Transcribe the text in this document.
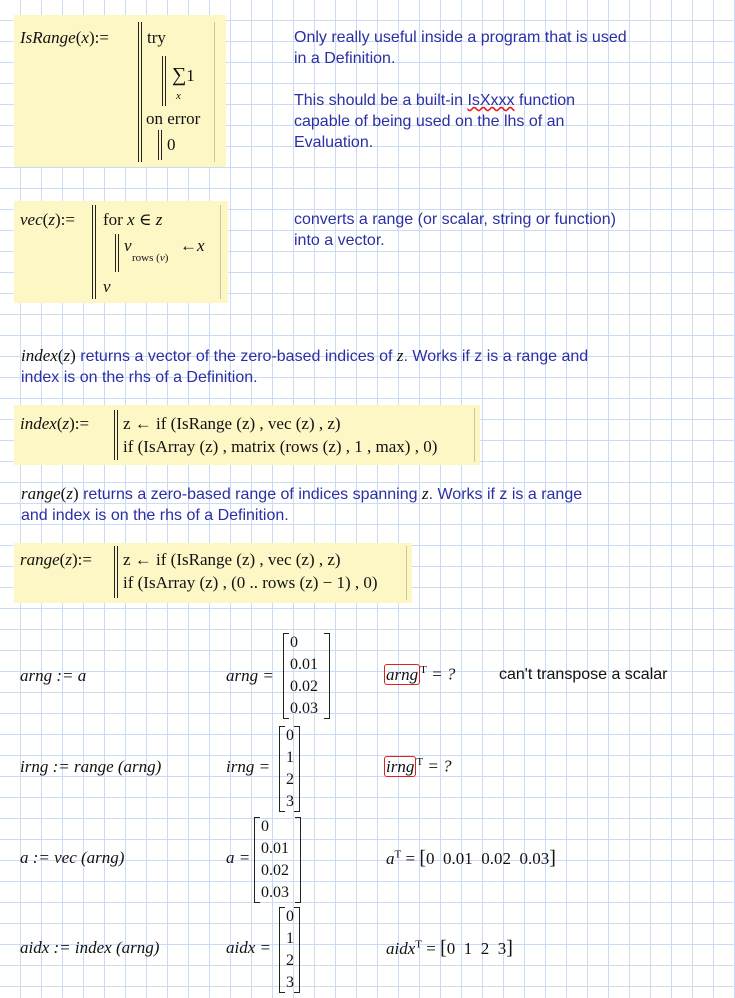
IsRange(x):= try
∑1
x
on error
0
Only really useful inside a program that is used
in a Definition.
This should be a built-in IsXxxx function
capable of being used on the lhs of an
Evaluation.
vec(z):= for x ∈ z
v
rows (v)
←x
v
converts a range (or scalar, string or function)
into a vector.
index(z) returns a vector of the zero-based indices of z. Works if z is a range and
index is on the rhs of a Definition.
index(z):= z ← if (IsRange (z) , vec (z) , z)
if (IsArray (z) , matrix (rows (z) , 1 , max) , 0)
range(z) returns a zero-based range of indices spanning z. Works if z is a range
and index is on the rhs of a Definition.
range(z):= z ← if (IsRange (z) , vec (z) , z)
if (IsArray (z) , (0 .. rows (z) − 1) , 0)
arng := a	arng =
0
0.01
0.02
0.03
arng $^T$ = ?	can't transpose a scalar
irng := range (arng)	irng =
0
1
2
3
irng $^T$ = ?
a := vec (arng)	a =
0
0.01
0.02
0.03
$a^T = [0$  0.01  0.02  0.03]
aidx := index (arng)	aidx =
0
1
2
3
aidx$^T$ = [0  1  2  3]
